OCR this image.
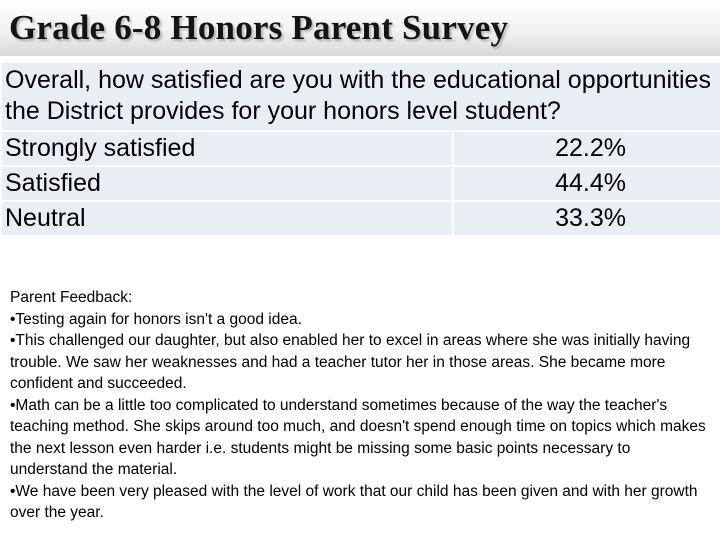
Grade 6-8 Honors Parent Survey
Overall, how satisfied are you with the educational opportunities the District provides for your honors level student?	
Strongly satisfied	22.2%
Satisfied	44.4%
Neutral	33.3%

Parent Feedback:

•Testing again for honors isn't a good idea.

•This challenged our daughter, but also enabled her to excel in areas where she was initially having trouble. We saw her weaknesses and had a teacher tutor her in those areas. She became more confident and succeeded.

•Math can be a little too complicated to understand sometimes because of the way the teacher's teaching method. She skips around too much, and doesn't spend enough time on topics which makes the next lesson even harder i.e. students might be missing some basic points necessary to understand the material.

•We have been very pleased with the level of work that our child has been given and with her growth over the year.
